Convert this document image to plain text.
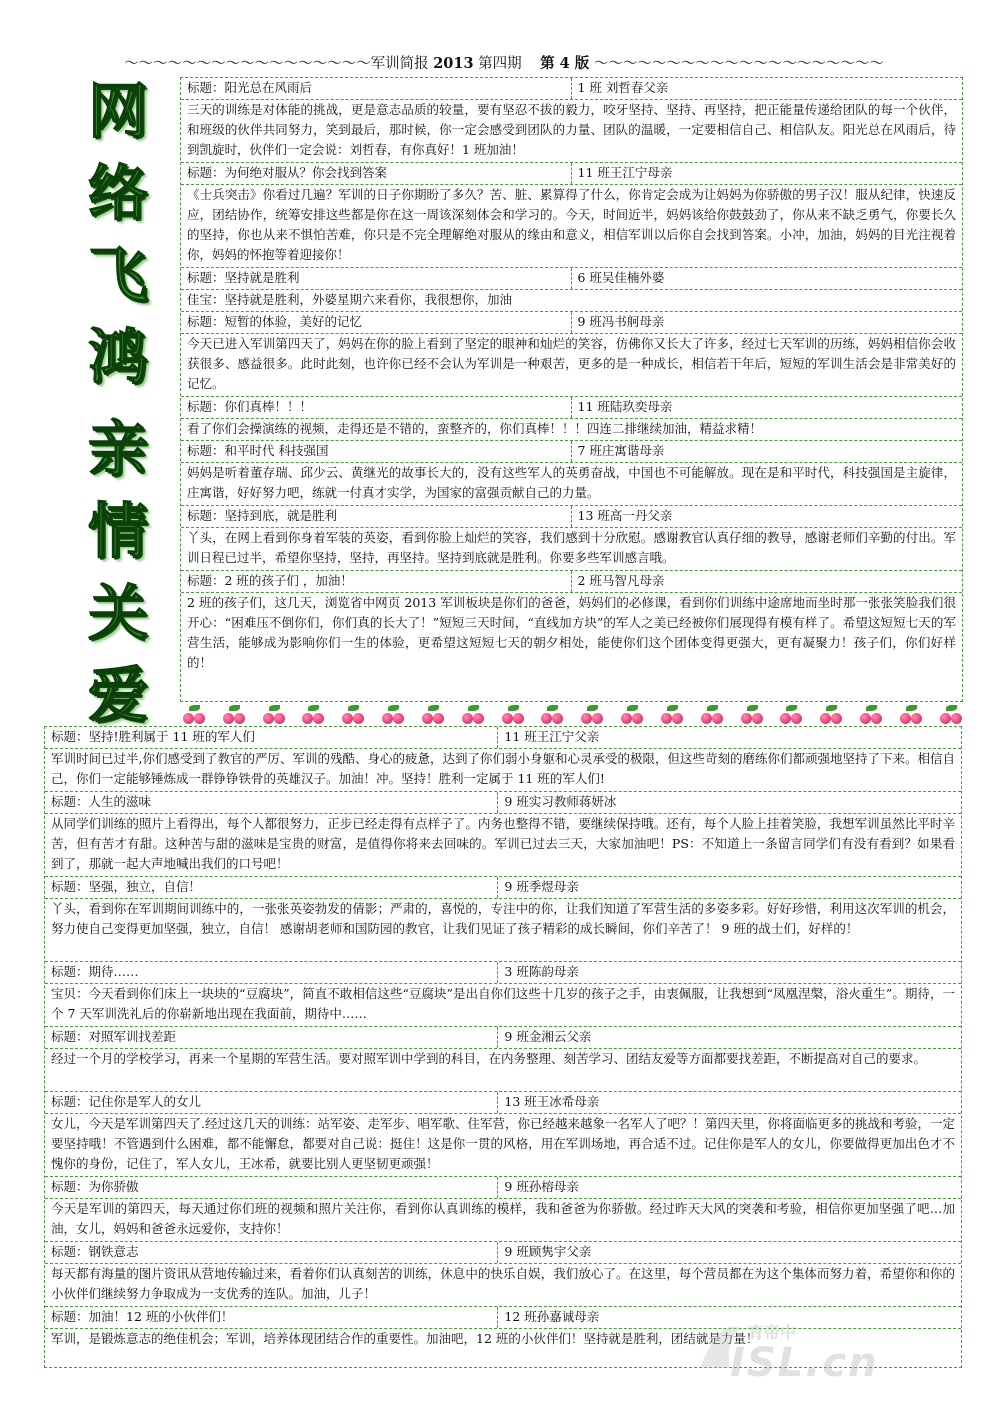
～～～～～～～～～～～～～～～～～军训简报 2013 第四期 第 4 版 ～～～～～～～～～～～～～～～～～～～～
网
络
飞
鸿
亲
情
关
爱
标题：阳光总在风雨后	1 班 刘哲春父亲
三天的训练是对体能的挑战，更是意志品质的较量，要有坚忍不拔的毅力，咬牙坚持、坚持、再坚持，把正能量传递给团队的每一个伙伴，和班级的伙伴共同努力，笑到最后，那时候，你一定会感受到团队的力量、团队的温暖，一定要相信自己、相信队友。阳光总在风雨后，待到凯旋时，伙伴们一定会说：刘哲春，有你真好！1 班加油！
标题：为何绝对服从？你会找到答案	11 班王江宁母亲
《士兵突击》你看过几遍？军训的日子你期盼了多久？苦、脏、累算得了什么，你肯定会成为让妈妈为你骄傲的男子汉！服从纪律，快速反应，团结协作，统筹安排这些都是你在这一周该深刻体会和学习的。今天，时间近半，妈妈该给你鼓鼓劲了，你从来不缺乏勇气，你要长久的坚持，你也从来不惧怕苦难，你只是不完全理解绝对服从的缘由和意义，相信军训以后你自会找到答案。小冲，加油，妈妈的目光注视着你，妈妈的怀抱等着迎接你！
标题：坚持就是胜利	6 班吴佳楠外婆
佳宝：坚持就是胜利，外婆星期六来看你，我很想你，加油
标题：短暂的体验，美好的记忆	9 班冯书舸母亲
今天已进入军训第四天了，妈妈在你的脸上看到了坚定的眼神和灿烂的笑容，仿佛你又长大了许多，经过七天军训的历练，妈妈相信你会收获很多、感益很多。此时此刻，也许你已经不会认为军训是一种艰苦，更多的是一种成长，相信若干年后，短短的军训生活会是非常美好的记忆。
标题：你们真棒！！！	11 班陆玖奕母亲
看了你们会操演练的视频，走得还是不错的，蛮整齐的，你们真棒！！！四连二排继续加油，精益求精！
标题：和平时代 科技强国	7 班庄寓谐母亲
妈妈是听着董存瑞、邱少云、黄继光的故事长大的，没有这些军人的英勇奋战，中国也不可能解放。现在是和平时代，科技强国是主旋律，庄寓谐，好好努力吧，练就一付真才实学，为国家的富强贡献自己的力量。
标题：坚持到底，就是胜利	13 班高一丹父亲
丫头，在网上看到你身着军装的英姿，看到你脸上灿烂的笑容，我们感到十分欣慰。感谢教官认真仔细的教导，感谢老师们辛勤的付出。军训日程已过半，希望你坚持，坚持，再坚持。坚持到底就是胜利。你要多些军训感言哦。
标题：2 班的孩子们 ，加油！	2 班马智凡母亲
2 班的孩子们，这几天，浏览省中网页 2013 军训板块是你们的爸爸，妈妈们的必修课，看到你们训练中途席地而坐时那一张张笑脸我们很开心：“困难压不倒你们，你们真的长大了！”短短三天时间，“直线加方块”的军人之美已经被你们展现得有模有样了。希望这短短七天的军营生活，能够成为影响你们一生的体验，更希望这短短七天的朝夕相处，能使你们这个团体变得更强大，更有凝聚力！孩子们，你们好样的！
标题：坚持!胜利属于 11 班的军人们	11 班王江宁父亲
军训时间已过半,你们感受到了教官的严厉、军训的残酷、身心的疲惫，达到了你们弱小身躯和心灵承受的极限，但这些苛刻的磨练你们都顽强地坚持了下来。相信自己，你们一定能够锤炼成一群铮铮铁骨的英雄汉子。加油！冲。坚持！胜利一定属于 11 班的军人们!
标题：人生的滋味	9 班实习教师蒋妍冰
从同学们训练的照片上看得出，每个人都很努力，正步已经走得有点样子了。内务也整得不错，要继续保持哦。还有，每个人脸上挂着笑脸，我想军训虽然比平时辛苦，但有苦才有甜。这种苦与甜的滋味是宝贵的财富，是值得你将来去回味的。军训已过去三天，大家加油吧！PS：不知道上一条留言同学们有没有看到？如果看到了，那就一起大声地喊出我们的口号吧！
标题：坚强，独立，自信！	9 班季煜母亲
丫头，看到你在军训期间训练中的，一张张英姿勃发的倩影；严肃的，喜悦的，专注中的你，让我们知道了军营生活的多姿多彩。好好珍惜，利用这次军训的机会，努力使自己变得更加坚强，独立，自信！ 感谢胡老师和国防园的教官，让我们见证了孩子精彩的成长瞬间，你们辛苦了！ 9 班的战士们，好样的！
标题：期待……	3 班陈韵母亲
宝贝：今天看到你们床上一块块的“豆腐块”，简直不敢相信这些“豆腐块”是出自你们这些十几岁的孩子之手，由衷佩服，让我想到“凤凰涅槃，浴火重生”。期待，一个 7 天军训洗礼后的你崭新地出现在我面前，期待中……
标题：对照军训找差距	9 班金湘云父亲
经过一个月的学校学习，再来一个星期的军营生活。要对照军训中学到的科目，在内务整理、刻苦学习、团结友爱等方面都要找差距，不断提高对自己的要求。
标题：记住你是军人的女儿	13 班王冰希母亲
女儿，今天是军训第四天了.经过这几天的训练：站军姿、走军步、唱军歌、住军营，你已经越来越象一名军人了吧？！第四天里，你将面临更多的挑战和考验，一定要坚持哦！不管遇到什么困难，都不能懈怠，都要对自己说：挺住！这是你一贯的风格，用在军训场地，再合适不过。记住你是军人的女儿，你要做得更加出色才不愧你的身份，记住了，军人女儿，王冰希，就要比别人更坚韧更顽强！
标题：为你骄傲	9 班孙榕母亲
今天是军训的第四天，每天通过你们班的视频和照片关注你，看到你认真训练的模样，我和爸爸为你骄傲。经过昨天大风的突袭和考验，相信你更加坚强了吧…加油，女儿，妈妈和爸爸永远爱你，支持你！
标题：钢铁意志	9 班顾隽宇父亲
每天都有海量的图片资讯从营地传输过来，看着你们认真刻苦的训练，休息中的快乐自娱，我们放心了。在这里，每个营员都在为这个集体而努力着，希望你和你的小伙伴们继续努力争取成为一支优秀的连队。加油，儿子！
标题：加油！12 班的小伙伴们！	12 班孙嘉诚母亲
军训，是锻炼意志的绝佳机会；军训，培养体现团结合作的重要性。加油吧，12 班的小伙伴们！坚持就是胜利，团结就是力量！
育帝中
ISL.cn
